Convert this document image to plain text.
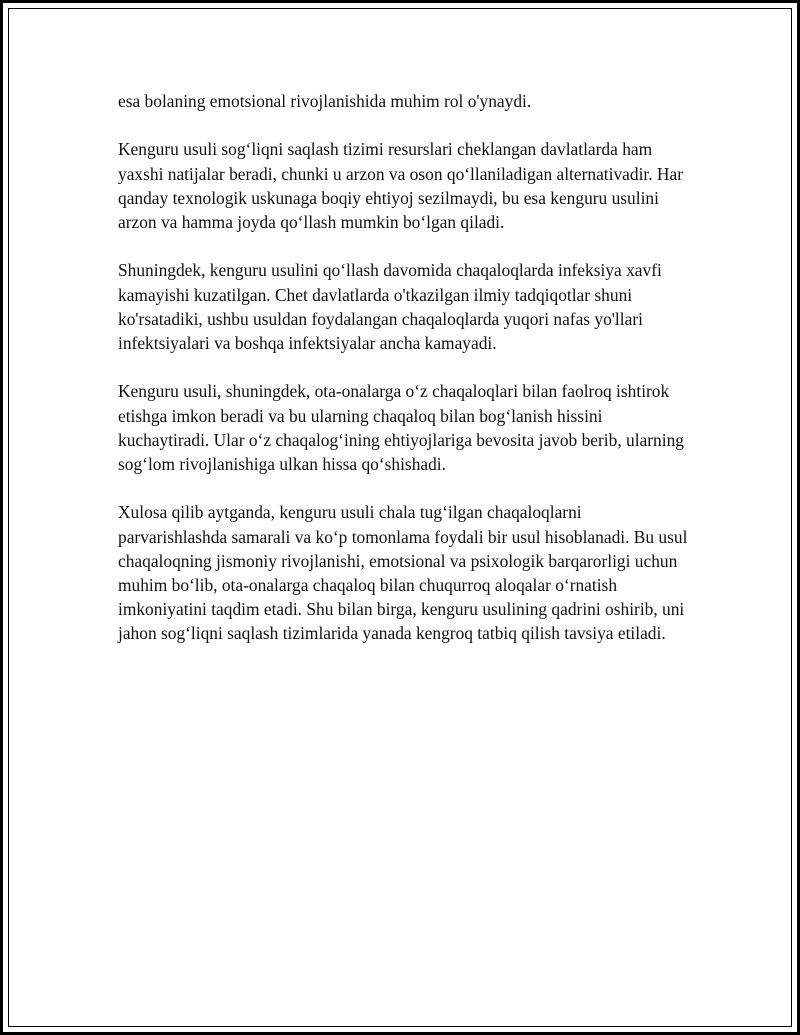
esa bolaning emotsional rivojlanishida muhim rol o'ynaydi.

Kenguru usuli sog‘liqni saqlash tizimi resurslari cheklangan davlatlarda ham yaxshi natijalar beradi, chunki u arzon va oson qo‘llaniladigan alternativadir. Har qanday texnologik uskunaga boqiy ehtiyoj sezilmaydi, bu esa kenguru usulini arzon va hamma joyda qo‘llash mumkin bo‘lgan qiladi.

Shuningdek, kenguru usulini qo‘llash davomida chaqaloqlarda infeksiya xavfi kamayishi kuzatilgan. Chet davlatlarda o'tkazilgan ilmiy tadqiqotlar shuni ko'rsatadiki, ushbu usuldan foydalangan chaqaloqlarda yuqori nafas yo'llari infektsiyalari va boshqa infektsiyalar ancha kamayadi.

Kenguru usuli, shuningdek, ota-onalarga o‘z chaqaloqlari bilan faolroq ishtirok etishga imkon beradi va bu ularning chaqaloq bilan bog‘lanish hissini kuchaytiradi. Ular o‘z chaqalog‘ining ehtiyojlariga bevosita javob berib, ularning sog‘lom rivojlanishiga ulkan hissa qo‘shishadi.

Xulosa qilib aytganda, kenguru usuli chala tug‘ilgan chaqaloqlarni parvarishlashda samarali va ko‘p tomonlama foydali bir usul hisoblanadi. Bu usul chaqaloqning jismoniy rivojlanishi, emotsional va psixologik barqarorligi uchun muhim bo‘lib, ota-onalarga chaqaloq bilan chuqurroq aloqalar o‘rnatish imkoniyatini taqdim etadi. Shu bilan birga, kenguru usulining qadrini oshirib, uni jahon sog‘liqni saqlash tizimlarida yanada kengroq tatbiq qilish tavsiya etiladi.
